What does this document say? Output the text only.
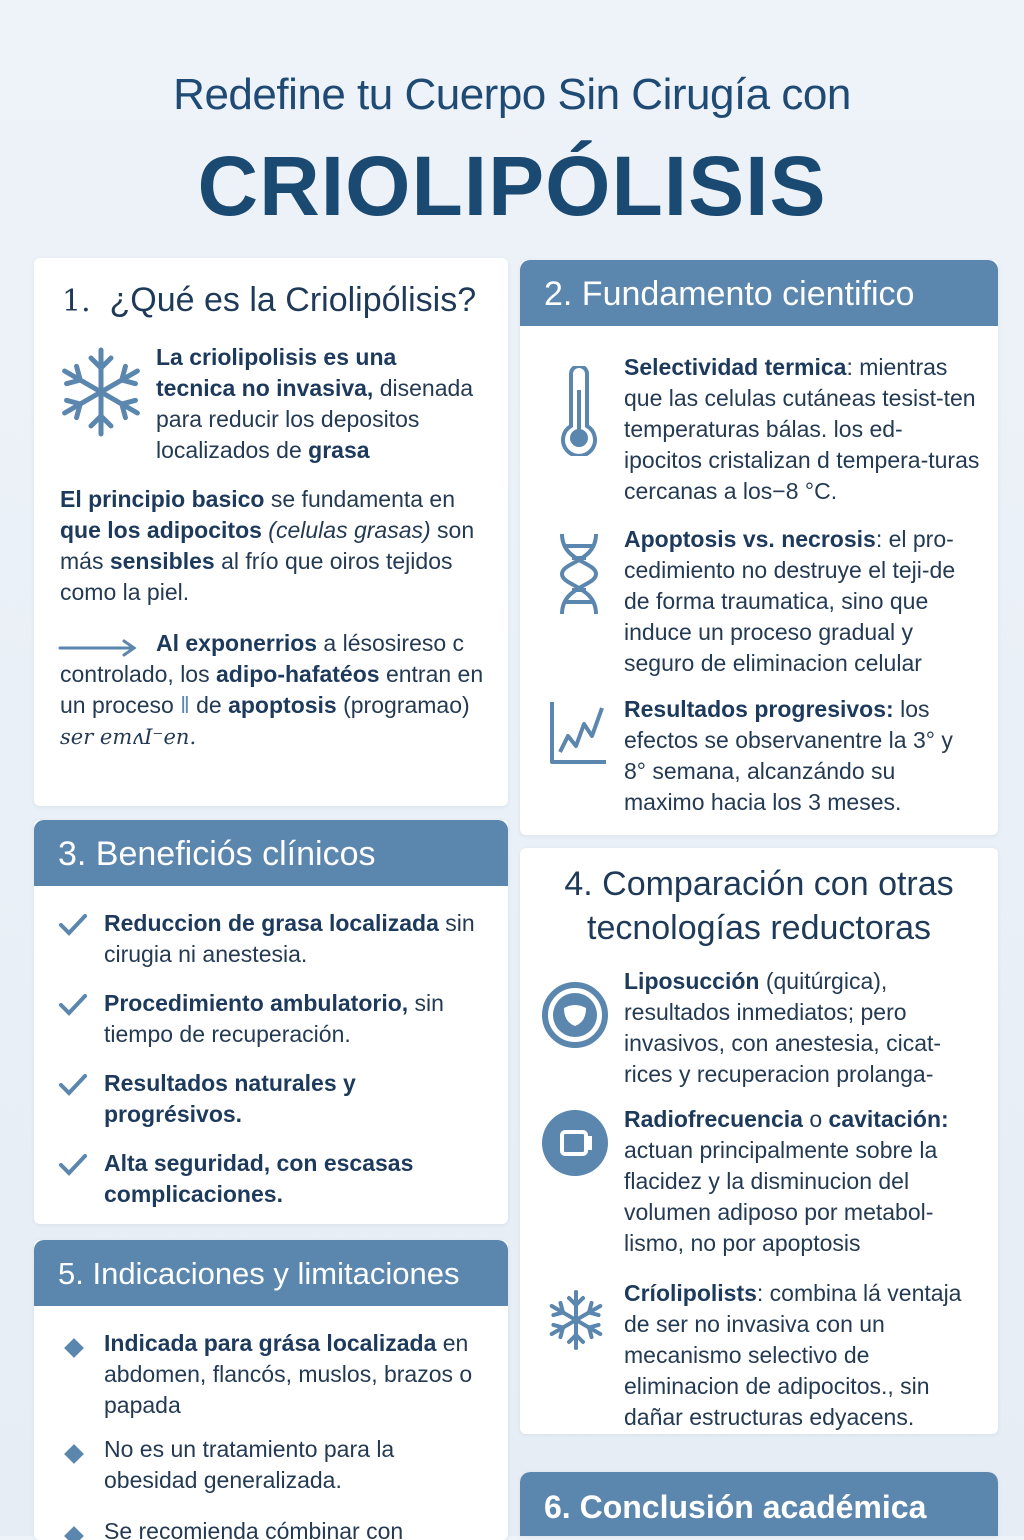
Redefine tu Cuerpo Sin Cirugía con
CRIOLIPÓLISIS
1. ¿Qué es la Criolipólisis?
La criolipolisis es una tecnica no invasiva, disenada para reducir los depositos localizados de grasa
El principio basico se fundamenta en que los adipocitos (celulas grasas) son más sensibles al frío que oiros tejidos como la piel.
Al exponerrios a lésosireso c controlado, los adipo-hafatéos entran en un proceso ‖ de apoptosis (programao)
ser emʌI⁻en.
2. Fundamento cientifico
Selectividad termica: mientras que las celulas cutáneas tesist-ten temperaturas bálas. los ed-ipocitos cristalizan d tempera-turas cercanas a los−8 °C.
Apoptosis vs. necrosis: el pro-cedimiento no destruye el teji-de de forma traumatica, sino que induce un proceso gradual y seguro de eliminacion celular
Resultados progresivos: los efectos se observanentre la 3° y 8° semana, alcanzándo su maximo hacia los 3 meses.
3. Beneficiós clínicos
Reduccion de grasa localizada sin cirugia ni anestesia.
Procedimiento ambulatorio, sin tiempo de recuperación.
Resultados naturales y progrésivos.
Alta seguridad, con escasas complicaciones.
4. Comparación con otras
tecnologías reductoras
Liposucción (quitúrgica), resultados inmediatos; pero invasivos, con anestesia, cicat-rices y recuperacion prolanga-
Radiofrecuencia o cavitación: actuan principalmente sobre la flacidez y la disminucion del volumen adiposo por metabol-lismo, no por apoptosis
Críolipolists: combina lá ventaja de ser no invasiva con un mecanismo selectivo de eliminacion de adipocitos., sin dañar estructuras edyacens.
5. Indicaciones y limitaciones
Indicada para grása localizada en abdomen, flancós, muslos, brazos o papada
No es un tratamiento para la obesidad generalizada.
Se recomienda cómbinar con
6. Conclusión académica
